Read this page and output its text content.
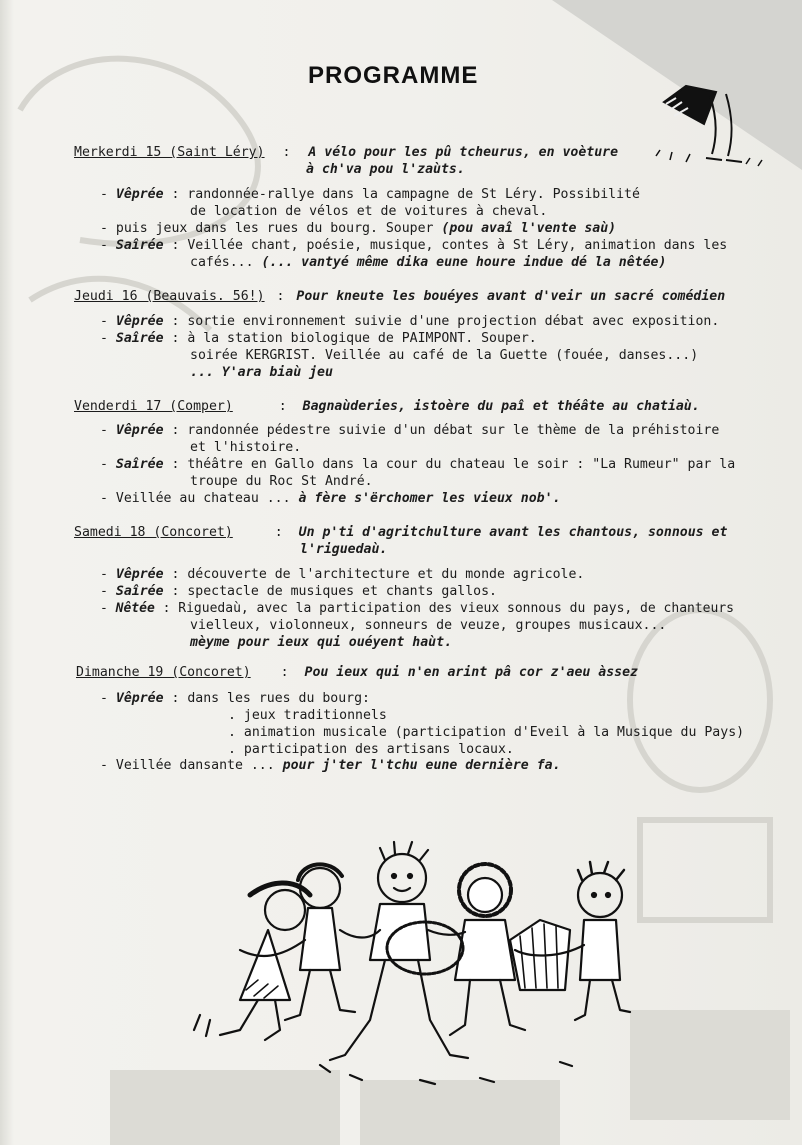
PROGRAMME
Merkerdi 15 (Saint Léry) : A vélo pour les pû tcheurus, en voèture
à ch'va pou l'zaùts.
- Vêprée : randonnée-rallye dans la campagne de St Léry. Possibilité
de location de vélos et de voitures à cheval.
- puis jeux dans les rues du bourg. Souper (pou avaî l'vente saù)
- Saîrée : Veillée chant, poésie, musique, contes à St Léry, animation dans les
cafés... (... vantyé même dika eune houre indue dé la nêtée)
Jeudi 16 (Beauvais. 56!) : Pour kneute les bouéyes avant d'veir un sacré comédien
- Vêprée : sortie environnement suivie d'une projection débat avec exposition.
- Saîrée : à la station biologique de PAIMPONT. Souper.
soirée KERGRIST. Veillée au café de la Guette (fouée, danses...)
... Y'ara biaù jeu
Venderdi 17 (Comper)	: Bagnaùderies, istoère du paî et théâte au chatiaù.
- Vêprée : randonnée pédestre suivie d'un débat sur le thème de la préhistoire
et l'histoire.
- Saîrée : théâtre en Gallo dans la cour du chateau le soir : "La Rumeur" par la
troupe du Roc St André.
- Veillée au chateau ... à fère s'ërchomer les vieux nob'.
Samedi 18 (Concoret)	: Un p'ti d'agritchulture avant les chantous, sonnous et
l'riguedaù.
- Vêprée : découverte de l'architecture et du monde agricole.
- Saîrée : spectacle de musiques et chants gallos.
- Nêtée : Riguedaù, avec la participation des vieux sonnous du pays, de chanteurs
vielleux, violonneux, sonneurs de veuze, groupes musicaux...
mèyme pour ieux qui ouéyent haùt.
Dimanche 19 (Concoret) : Pou ieux qui n'en arint pâ cor z'aeu àssez
- Vêprée : dans les rues du bourg:
. jeux traditionnels
. animation musicale (participation d'Eveil à la Musique du Pays)
. participation des artisans locaux.
- Veillée dansante ... pour j'ter l'tchu eune dernière fa.
